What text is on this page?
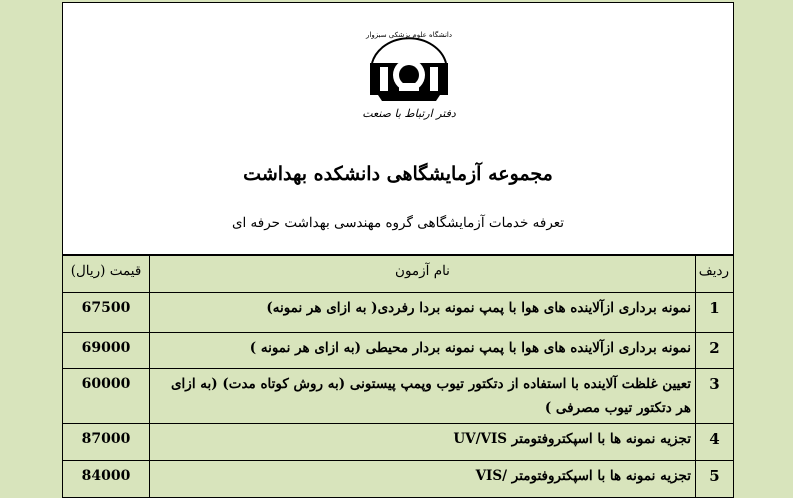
دانشگاه علوم پزشکی سبزوار
دفتر ارتباط با صنعت
مجموعه آزمایشگاهی دانشکده بهداشت
تعرفه خدمات آزمایشگاهی گروه مهندسی بهداشت حرفه ای
ردیف	نام آزمون	قیمت (ریال)
1	نمونه برداری ازآلاینده های هوا با پمپ نمونه بردا رفردی( به ازای هر نمونه)	67500
2	نمونه برداری ازآلاینده های هوا با پمپ نمونه بردار محیطی (به ازای هر نمونه )	69000
3	تعیین غلظت آلاینده با استفاده از دتکتور تیوب وپمپ پیستونی (به روش کوتاه مدت) (به ازای هر دتکتور تیوب مصرفی )	60000
4	تجزیه نمونه ها با اسپکتروفتومتر UV/VIS	87000
5	تجزیه نمونه ها با اسپکتروفتومتر /VIS	84000
